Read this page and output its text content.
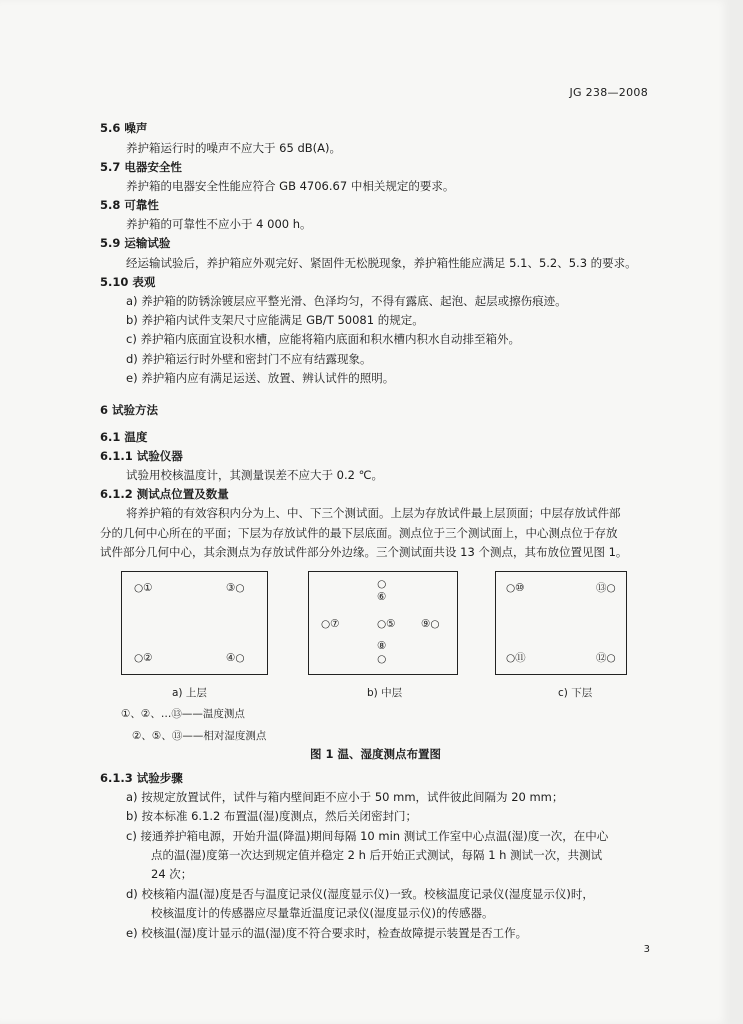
JG 238—2008
5.6 噪声
养护箱运行时的噪声不应大于 65 dB(A)。
5.7 电器安全性
养护箱的电器安全性能应符合 GB 4706.67 中相关规定的要求。
5.8 可靠性
养护箱的可靠性不应小于 4 000 h。
5.9 运输试验
经运输试验后，养护箱应外观完好、紧固件无松脱现象，养护箱性能应满足 5.1、5.2、5.3 的要求。
5.10 表观
a) 养护箱的防锈涂镀层应平整光滑、色泽均匀，不得有露底、起泡、起层或擦伤痕迹。
b) 养护箱内试件支架尺寸应能满足 GB/T 50081 的规定。
c) 养护箱内底面宜设积水槽，应能将箱内底面和积水槽内积水自动排至箱外。
d) 养护箱运行时外壁和密封门不应有结露现象。
e) 养护箱内应有满足运送、放置、辨认试件的照明。
6 试验方法
6.1 温度
6.1.1 试验仪器
试验用校核温度计，其测量误差不应大于 0.2 ℃。
6.1.2 测试点位置及数量
将养护箱的有效容积内分为上、中、下三个测试面。上层为存放试件最上层顶面；中层存放试件部
分的几何中心所在的平面；下层为存放试件的最下层底面。测点位于三个测试面上，中心测点位于存放
试件部分几何中心，其余测点为存放试件部分外边缘。三个测试面共设 13 个测点，其布放位置见图 1。
○①	③○
○②	④○
○
⑥
○⑦	○⑤ ⑨○
⑧
○
○⑩	⑬○
○⑪	⑫○
a) 上层	b) 中层	c) 下层
①、②、…⑬——温度测点
②、⑤、⑬——相对湿度测点
图 1 温、湿度测点布置图
6.1.3 试验步骤
a) 按规定放置试件，试件与箱内壁间距不应小于 50 mm，试件彼此间隔为 20 mm；
b) 按本标准 6.1.2 布置温(湿)度测点，然后关闭密封门；
c) 接通养护箱电源，开始升温(降温)期间每隔 10 min 测试工作室中心点温(湿)度一次，在中心
点的温(湿)度第一次达到规定值并稳定 2 h 后开始正式测试，每隔 1 h 测试一次，共测试
24 次；
d) 校核箱内温(湿)度是否与温度记录仪(湿度显示仪)一致。校核温度记录仪(湿度显示仪)时，
校核温度计的传感器应尽量靠近温度记录仪(湿度显示仪)的传感器。
e) 校核温(湿)度计显示的温(湿)度不符合要求时，检查故障提示装置是否工作。
3
